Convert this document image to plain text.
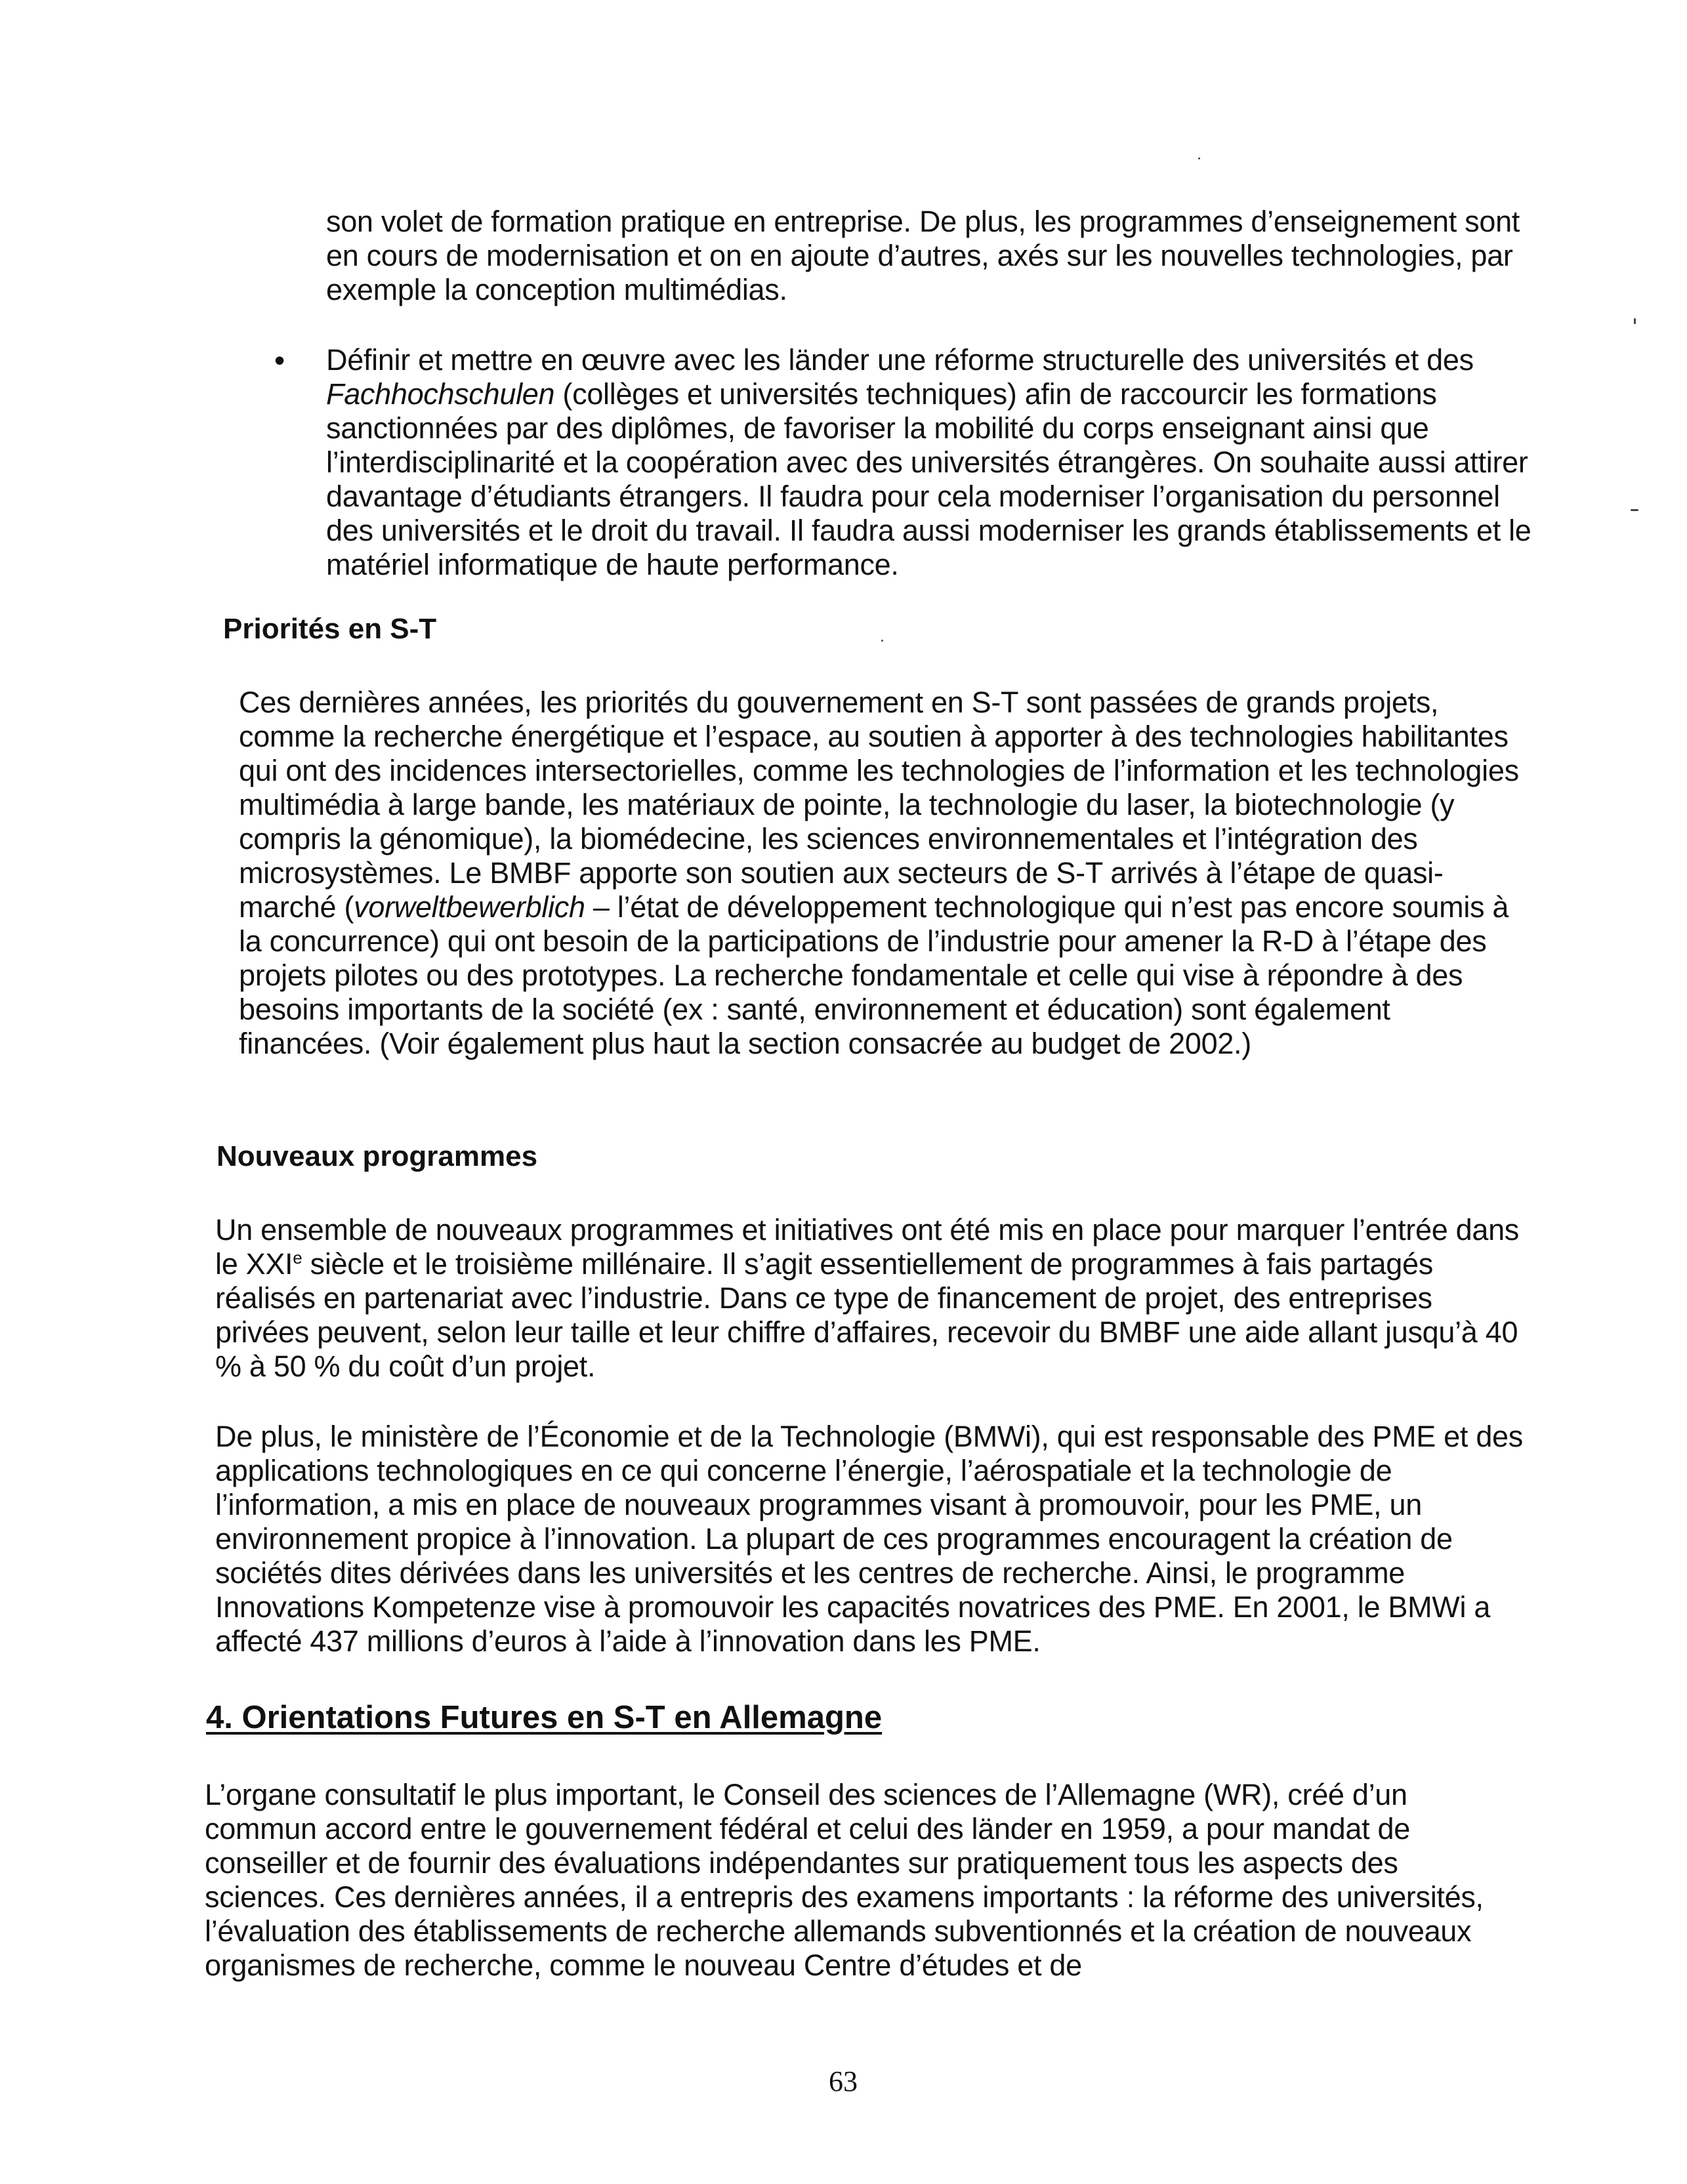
son volet de formation pratique en entreprise. De plus, les programmes d’enseignement sont en cours de modernisation et on en ajoute d’autres, axés sur les nouvelles technologies, par exemple la conception multimédias.

• Définir et mettre en œuvre avec les länder une réforme structurelle des universités et des Fachhochschulen (collèges et universités techniques) afin de raccourcir les formations sanctionnées par des diplômes, de favoriser la mobilité du corps enseignant ainsi que l’interdisciplinarité et la coopération avec des universités étrangères. On souhaite aussi attirer davantage d’étudiants étrangers. Il faudra pour cela moderniser l’organisation du personnel des universités et le droit du travail. Il faudra aussi moderniser les grands établissements et le matériel informatique de haute performance.

Priorités en S-T

Ces dernières années, les priorités du gouvernement en S-T sont passées de grands projets, comme la recherche énergétique et l’espace, au soutien à apporter à des technologies habilitantes qui ont des incidences intersectorielles, comme les technologies de l’information et les technologies multimédia à large bande, les matériaux de pointe, la technologie du laser, la biotechnologie (y compris la génomique), la biomédecine, les sciences environnementales et l’intégration des microsystèmes. Le BMBF apporte son soutien aux secteurs de S-T arrivés à l’étape de quasi-marché (vorweltbewerblich – l’état de développement technologique qui n’est pas encore soumis à la concurrence) qui ont besoin de la participations de l’industrie pour amener la R-D à l’étape des projets pilotes ou des prototypes. La recherche fondamentale et celle qui vise à répondre à des besoins importants de la société (ex : santé, environnement et éducation) sont également financées. (Voir également plus haut la section consacrée au budget de 2002.)

Nouveaux programmes

Un ensemble de nouveaux programmes et initiatives ont été mis en place pour marquer l’entrée dans le XXIe siècle et le troisième millénaire. Il s’agit essentiellement de programmes à fais partagés réalisés en partenariat avec l’industrie. Dans ce type de financement de projet, des entreprises privées peuvent, selon leur taille et leur chiffre d’affaires, recevoir du BMBF une aide allant jusqu’à 40 % à 50 % du coût d’un projet.

De plus, le ministère de l’Économie et de la Technologie (BMWi), qui est responsable des PME et des applications technologiques en ce qui concerne l’énergie, l’aérospatiale et la technologie de l’information, a mis en place de nouveaux programmes visant à promouvoir, pour les PME, un environnement propice à l’innovation. La plupart de ces programmes encouragent la création de sociétés dites dérivées dans les universités et les centres de recherche. Ainsi, le programme Innovations Kompetenze vise à promouvoir les capacités novatrices des PME. En 2001, le BMWi a affecté 437 millions d’euros à l’aide à l’innovation dans les PME.

4. Orientations Futures en S-T en Allemagne

L’organe consultatif le plus important, le Conseil des sciences de l’Allemagne (WR), créé d’un commun accord entre le gouvernement fédéral et celui des länder en 1959, a pour mandat de conseiller et de fournir des évaluations indépendantes sur pratiquement tous les aspects des sciences. Ces dernières années, il a entrepris des examens importants : la réforme des universités, l’évaluation des établissements de recherche allemands subventionnés et la création de nouveaux organismes de recherche, comme le nouveau Centre d’études et de

63
